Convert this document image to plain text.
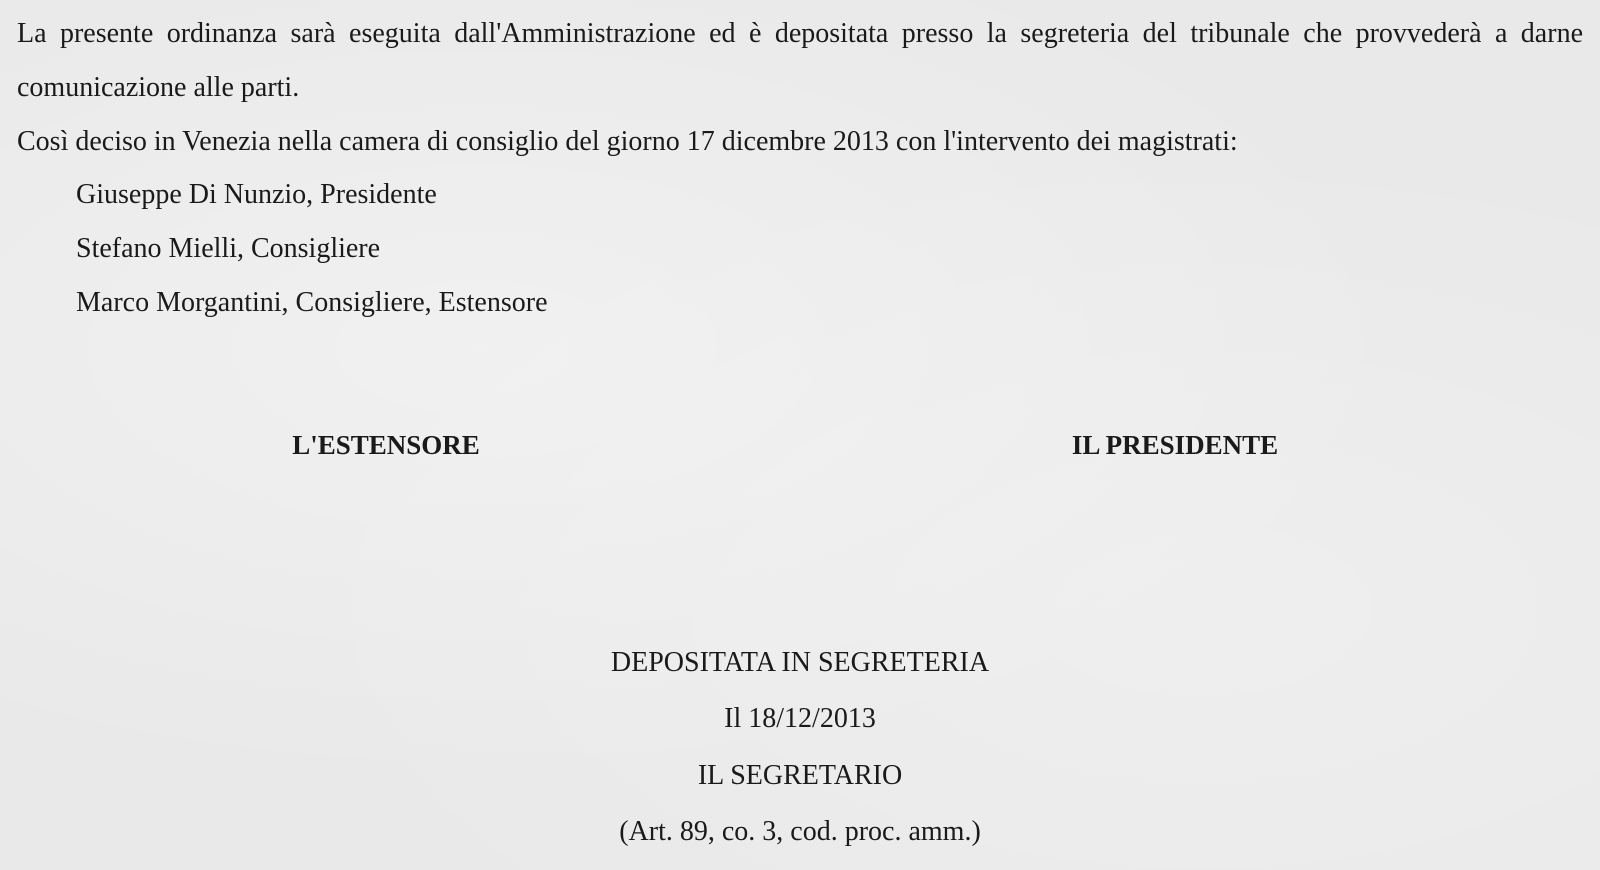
La presente ordinanza sarà eseguita dall'Amministrazione ed è depositata presso la segreteria del tribunale che provvederà a darne comunicazione alle parti.

Così deciso in Venezia nella camera di consiglio del giorno 17 dicembre 2013 con l'intervento dei magistrati:

Giuseppe Di Nunzio, Presidente
Stefano Mielli, Consigliere
Marco Morgantini, Consigliere, Estensore
L'ESTENSORE	IL PRESIDENTE
DEPOSITATA IN SEGRETERIA
Il 18/12/2013
IL SEGRETARIO
(Art. 89, co. 3, cod. proc. amm.)
